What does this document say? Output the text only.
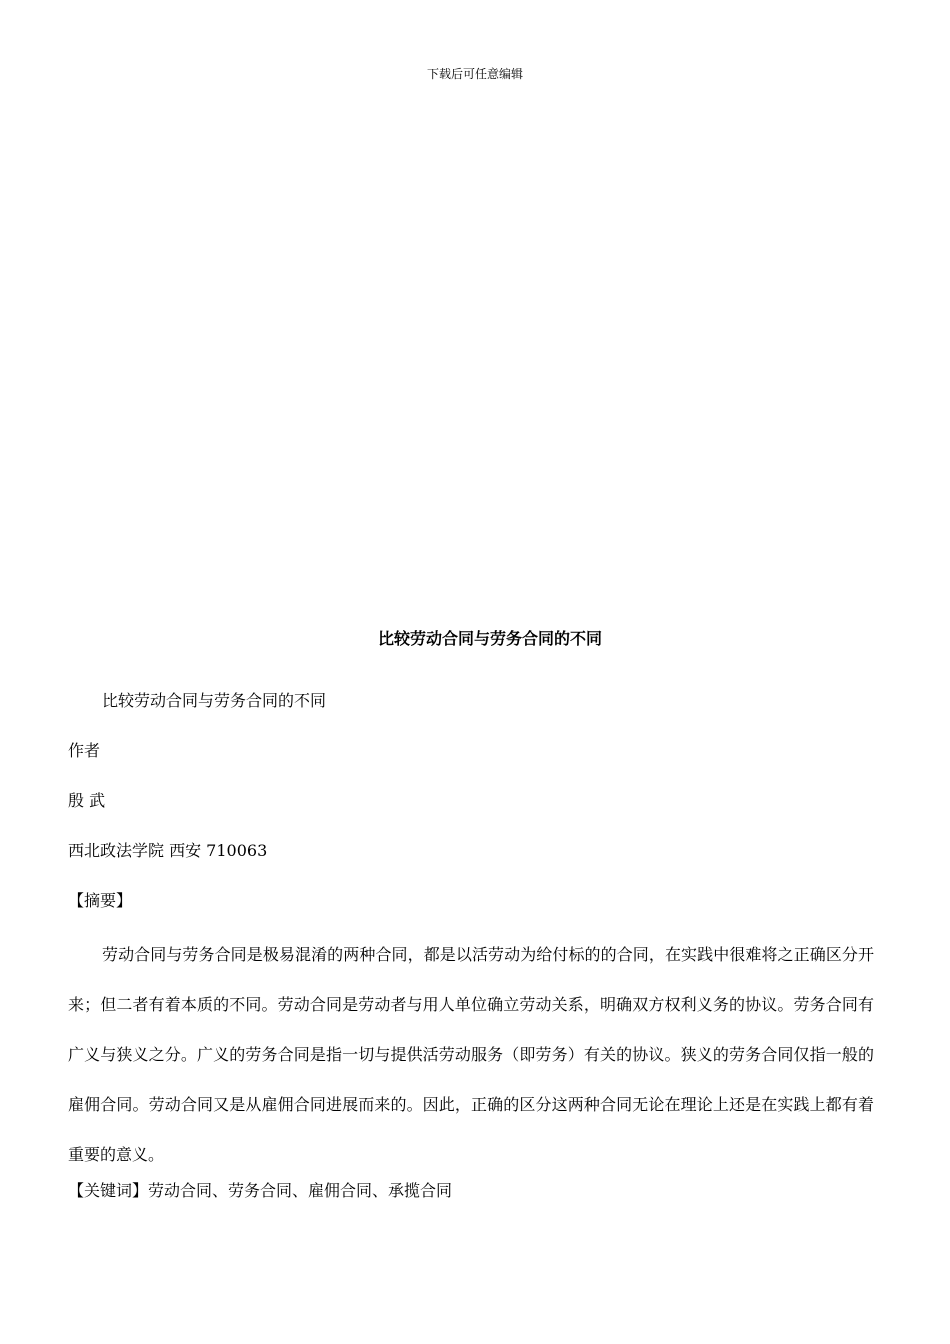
下载后可任意编辑
比较劳动合同与劳务合同的不同
比较劳动合同与劳务合同的不同
作者
殷 武
西北政法学院 西安 710063
【摘要】

劳动合同与劳务合同是极易混淆的两种合同，都是以活劳动为给付标的的合同，在实践中很难将之正确区分开来；但二者有着本质的不同。劳动合同是劳动者与用人单位确立劳动关系，明确双方权利义务的协议。劳务合同有广义与狭义之分。广义的劳务合同是指一切与提供活劳动服务（即劳务）有关的协议。狭义的劳务合同仅指一般的雇佣合同。劳动合同又是从雇佣合同进展而来的。因此，正确的区分这两种合同无论在理论上还是在实践上都有着重要的意义。

【关键词】劳动合同、劳务合同、雇佣合同、承揽合同
